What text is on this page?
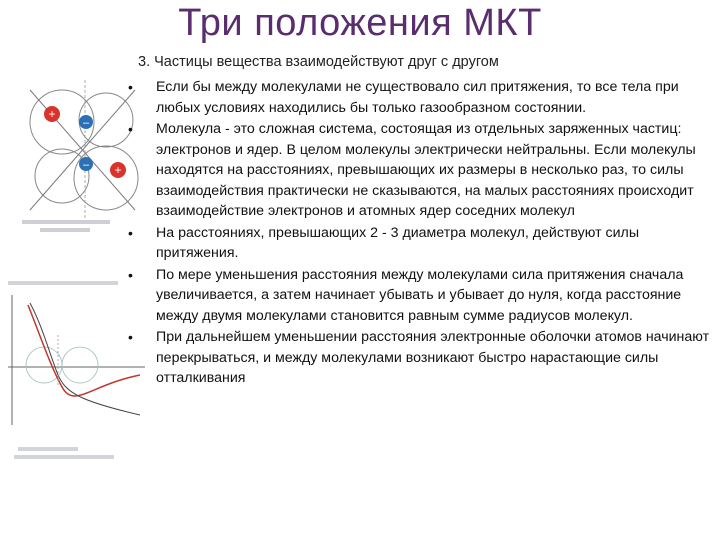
Три положения МКТ
3. Частицы вещества взаимодействуют друг с другом
+
–
– +
• Если бы между молекулами не существовало сил притяжения, то все тела при любых условиях находились бы только газообразном состоянии.
• Молекула - это сложная система, состоящая из отдельных заряженных частиц: электронов и ядер. В целом молекулы электрически нейтральны. Если молекулы находятся на расстояниях, превышающих их размеры в несколько раз, то силы взаимодействия практически не сказываются, на малых расстояниях происходит взаимодействие электронов и атомных ядер соседних молекул
• На расстояниях, превышающих 2 - 3 диаметра молекул, действуют силы притяжения.
• По мере уменьшения расстояния между молекулами сила притяжения сначала увеличивается, а затем начинает убывать и убывает до нуля, когда расстояние между двумя молекулами становится равным сумме радиусов молекул.
• При дальнейшем уменьшении расстояния электронные оболочки атомов начинают перекрываться, и между молекулами возникают быстро нарастающие силы отталкивания
